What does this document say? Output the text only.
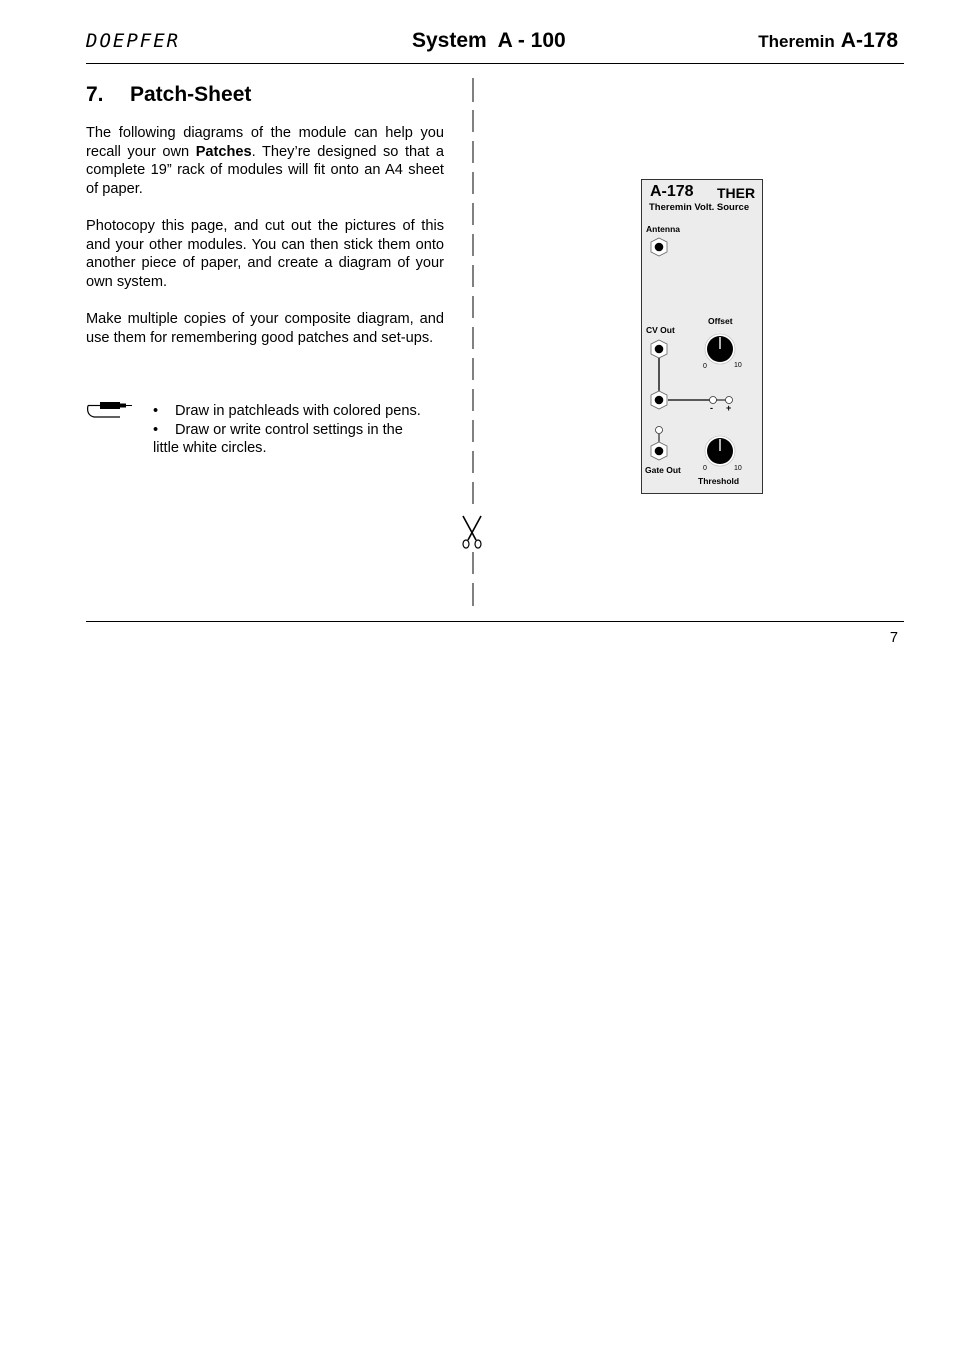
DOEPFER	System  A - 100	Theremin A-178
7. Patch-Sheet

The following diagrams of the module can help you recall your own Patches. They’re designed so that a complete 19” rack of modules will fit onto an A4 sheet of paper.

Photocopy this page, and cut out the pictures of this and your other modules. You can then stick them onto another piece of paper, and create a diagram of your own system.

Make multiple copies of your composite diagram, and use them for remembering good patches and set-ups.

• Draw in patchleads with colored pens.

• Draw or write control settings in the little white circles.

A-178 THER
Theremin Volt. Source
Antenna
Offset
CV Out
Gate Out
Threshold
0	10
0	10
- +
7
